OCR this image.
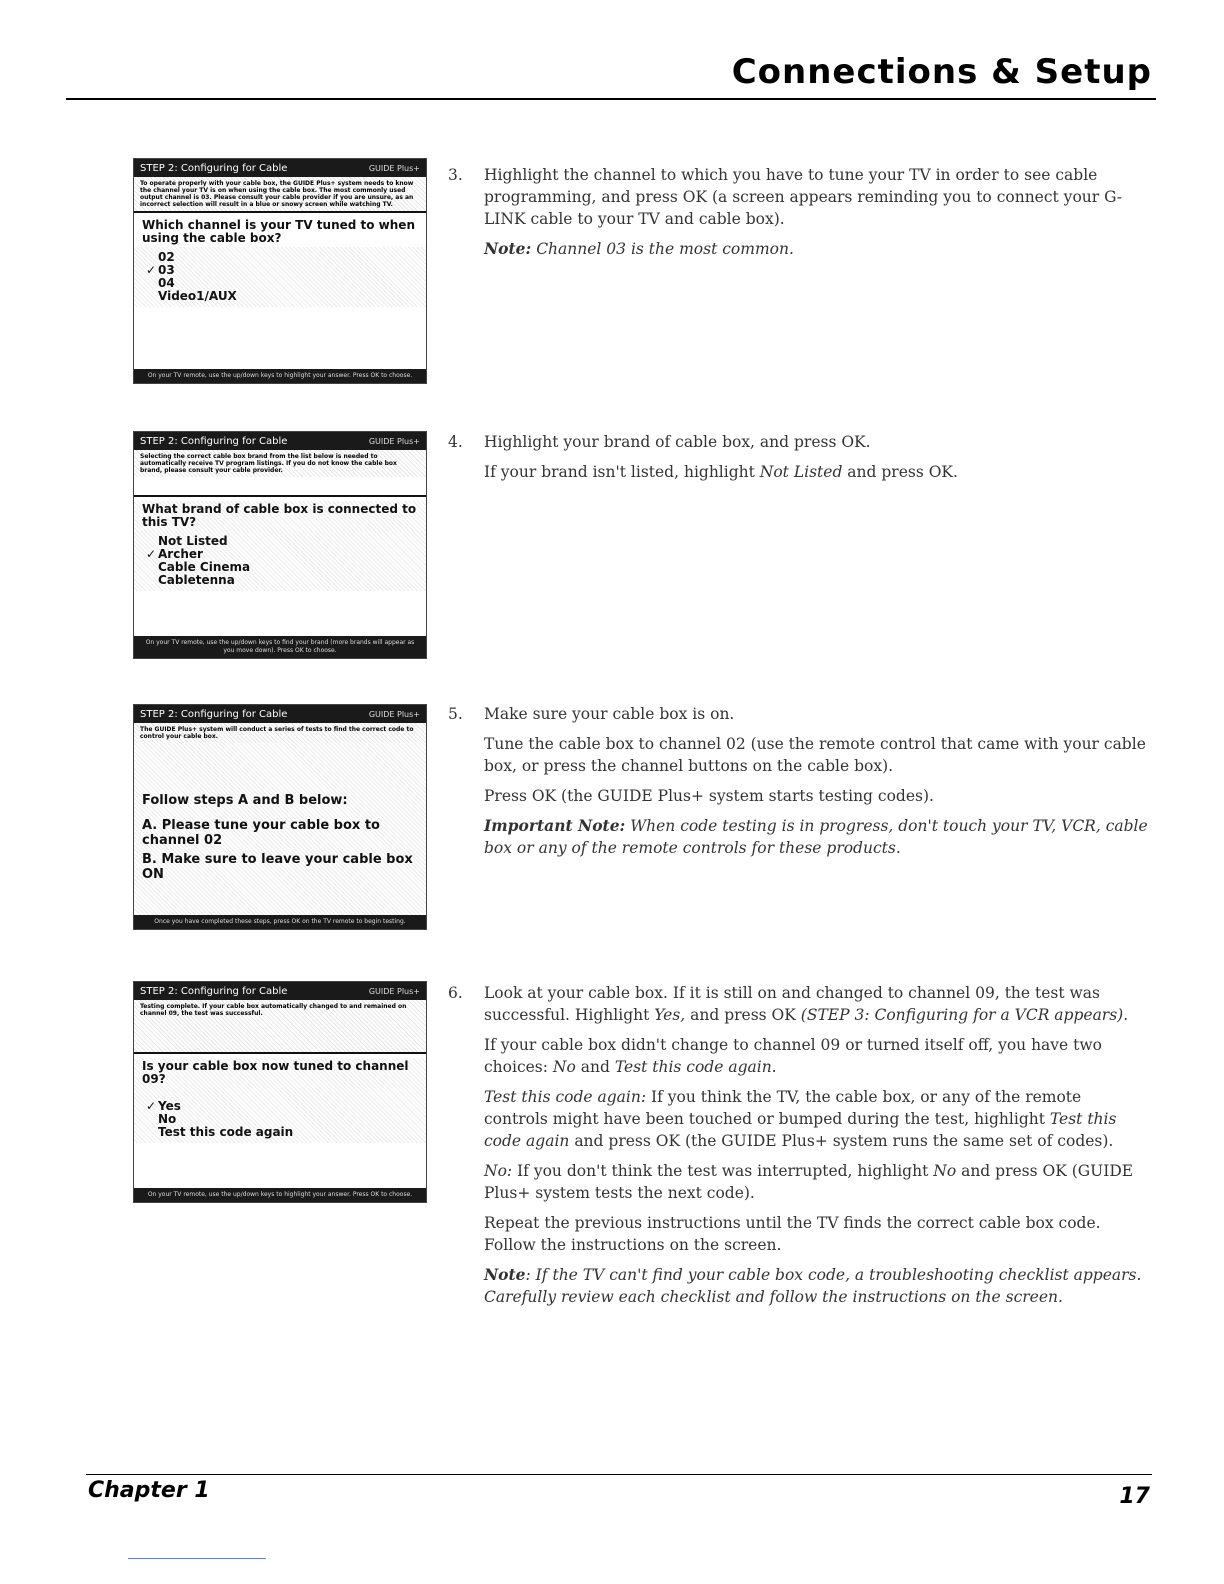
Connections & Setup
STEP 2: Configuring for Cable	GUIDE Plus+
To operate properly with your cable box, the GUIDE Plus+ system needs to know the channel your TV is on when using the cable box. The most commonly used output channel is 03. Please consult your cable provider if you are unsure, as an incorrect selection will result in a blue or snowy screen while watching TV.
Which channel is your TV tuned to when using the cable box?
02
✓ 03
04
Video1/AUX
On your TV remote, use the up/down keys to highlight your answer. Press OK to choose.
STEP 2: Configuring for Cable	GUIDE Plus+
Selecting the correct cable box brand from the list below is needed to automatically receive TV program listings. If you do not know the cable box brand, please consult your cable provider.
What brand of cable box is connected to this TV?
Not Listed
✓ Archer
Cable Cinema
Cabletenna
On your TV remote, use the up/down keys to find your brand (more brands will appear as you move down). Press OK to choose.
STEP 2: Configuring for Cable	GUIDE Plus+
The GUIDE Plus+ system will conduct a series of tests to find the correct code to control your cable box.
Follow steps A and B below:
A. Please tune your cable box to channel 02
B. Make sure to leave your cable box ON
Once you have completed these steps, press OK on the TV remote to begin testing.
STEP 2: Configuring for Cable	GUIDE Plus+
Testing complete. If your cable box automatically changed to and remained on channel 09, the test was successful.
Is your cable box now tuned to channel 09?
✓ Yes
No
Test this code again
On your TV remote, use the up/down keys to highlight your answer. Press OK to choose.
3. Highlight the channel to which you have to tune your TV in order to see cable programming, and press OK (a screen appears reminding you to connect your G-LINK cable to your TV and cable box).

Note: Channel 03 is the most common.

4. Highlight your brand of cable box, and press OK.

If your brand isn't listed, highlight Not Listed and press OK.

5. Make sure your cable box is on.

Tune the cable box to channel 02 (use the remote control that came with your cable box, or press the channel buttons on the cable box).

Press OK (the GUIDE Plus+ system starts testing codes).

Important Note: When code testing is in progress, don't touch your TV, VCR, cable box or any of the remote controls for these products.

6. Look at your cable box. If it is still on and changed to channel 09, the test was successful. Highlight Yes, and press OK (STEP 3: Configuring for a VCR appears).

If your cable box didn't change to channel 09 or turned itself off, you have two choices: No and Test this code again.

Test this code again: If you think the TV, the cable box, or any of the remote controls might have been touched or bumped during the test, highlight Test this code again and press OK (the GUIDE Plus+ system runs the same set of codes).

No: If you don't think the test was interrupted, highlight No and press OK (GUIDE Plus+ system tests the next code).

Repeat the previous instructions until the TV finds the correct cable box code. Follow the instructions on the screen.

Note: If the TV can't find your cable box code, a troubleshooting checklist appears. Carefully review each checklist and follow the instructions on the screen.

Chapter 1	17
